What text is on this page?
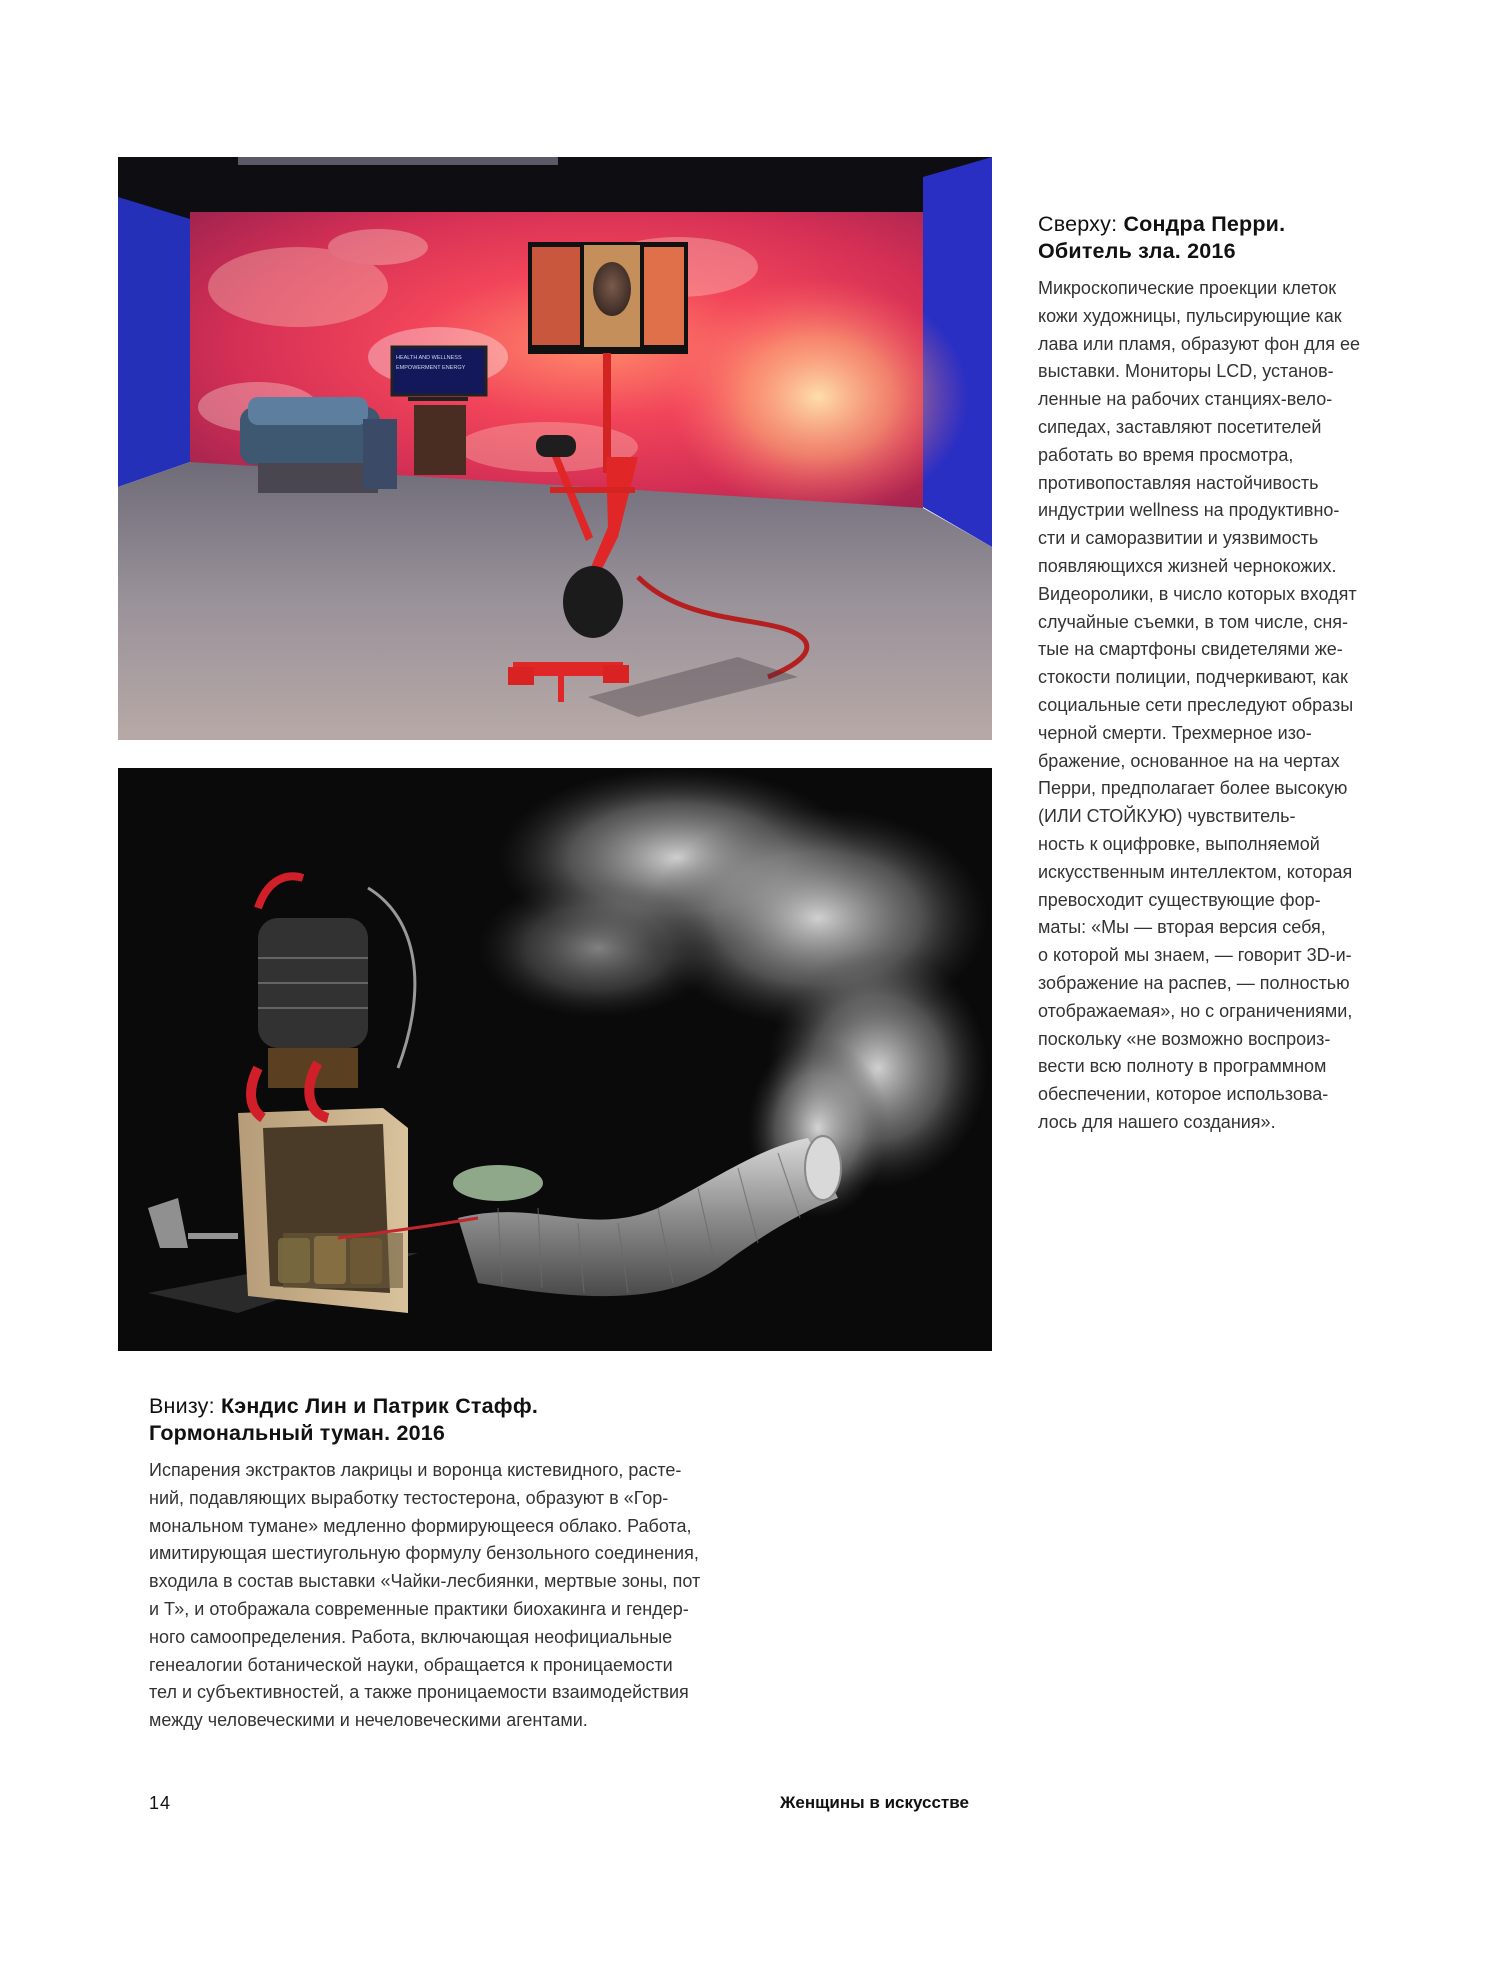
HEALTH AND WELLNESS
EMPOWERMENT ENERGY
Сверху: Сондра Перри.
Обитель зла. 2016
Микроскопические проекции клеток
кожи художницы, пульсирующие как
лава или пламя, образуют фон для ее
выставки. Мониторы LCD, установ-
ленные на рабочих станциях-вело-
сипедах, заставляют посетителей
работать во время просмотра,
противопоставляя настойчивость
индустрии wellness на продуктивно-
сти и саморазвитии и уязвимость
появляющихся жизней чернокожих.
Видеоролики, в число которых входят
случайные съемки, в том числе, сня-
тые на смартфоны свидетелями же-
стокости полиции, подчеркивают, как
социальные сети преследуют образы
черной смерти. Трехмерное изо-
бражение, основанное на на чертах
Перри, предполагает более высокую
(ИЛИ СТОЙКУЮ) чувствитель-
ность к оцифровке, выполняемой
искусственным интеллектом, которая
превосходит существующие фор-
маты: «Мы — вторая версия себя,
о которой мы знаем, — говорит 3D-и-
зображение на распев, — полностью
отображаемая», но с ограничениями,
поскольку «не возможно воспроиз-
вести всю полноту в программном
обеспечении, которое использова-
лось для нашего создания».
Внизу: Кэндис Лин и Патрик Стафф.
Гормональный туман. 2016
Испарения экстрактов лакрицы и воронца кистевидного, расте-
ний, подавляющих выработку тестостерона, образуют в «Гор-
мональном тумане» медленно формирующееся облако. Работа,
имитирующая шестиугольную формулу бензольного соединения,
входила в состав выставки «Чайки-лесбиянки, мертвые зоны, пот
и Т», и отображала современные практики биохакинга и гендер-
ного самоопределения. Работа, включающая неофициальные
генеалогии ботанической науки, обращается к проницаемости
тел и субъективностей, а также проницаемости взаимодействия
между человеческими и нечеловеческими агентами.
14	Женщины в искусстве
